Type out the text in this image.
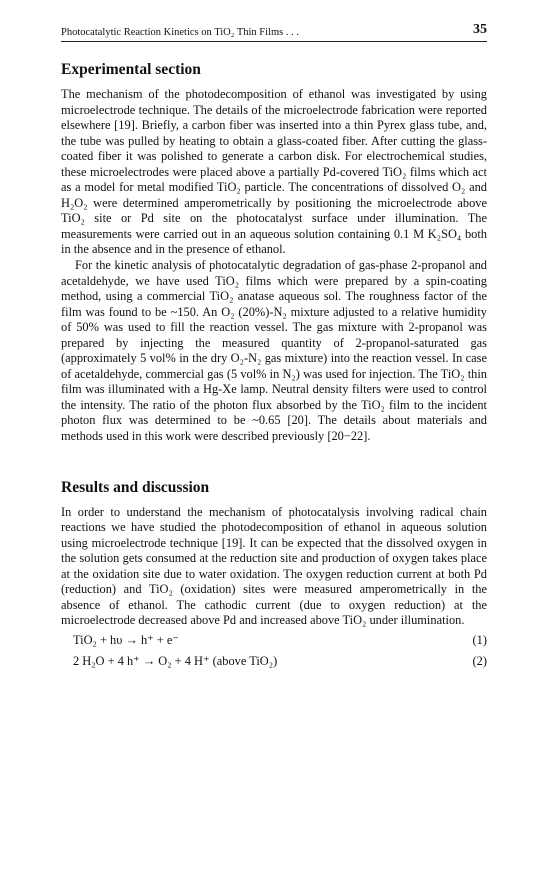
Photocatalytic Reaction Kinetics on TiO₂ Thin Films . . .	35
Experimental section

The mechanism of the photodecomposition of ethanol was investigated by using microelectrode technique. The details of the microelectrode fabrication were reported elsewhere [19]. Briefly, a carbon fiber was inserted into a thin Pyrex glass tube, and, the tube was pulled by heating to obtain a glass-coated fiber. After cutting the glass-coated fiber it was polished to generate a carbon disk. For electrochemical studies, these microelectrodes were placed above a partially Pd-covered TiO₂ films which act as a model for metal modified TiO₂ particle. The concentrations of dissolved O₂ and H₂O₂ were determined amperometrically by positioning the microelectrode above TiO₂ site or Pd site on the photocatalyst surface under illumination. The measurements were carried out in an aqueous solution containing 0.1 M K₂SO₄ both in the absence and in the presence of ethanol.

For the kinetic analysis of photocatalytic degradation of gas-phase 2-propanol and acetaldehyde, we have used TiO₂ films which were prepared by a spin-coating method, using a commercial TiO₂ anatase aqueous sol. The roughness factor of the film was found to be ~150. An O₂ (20%)-N₂ mixture adjusted to a relative humidity of 50% was used to fill the reaction vessel. The gas mixture with 2-propanol was prepared by injecting the measured quantity of 2-propanol-saturated gas (approximately 5 vol% in the dry O₂-N₂ gas mixture) into the reaction vessel. In case of acetaldehyde, commercial gas (5 vol% in N₂) was used for injection. The TiO₂ thin film was illuminated with a Hg-Xe lamp. Neutral density filters were used to control the intensity. The ratio of the photon flux absorbed by the TiO₂ film to the incident photon flux was determined to be ~0.65 [20]. The details about materials and methods used in this work were described previously [20−22].

Results and discussion

In order to understand the mechanism of photocatalysis involving radical chain reactions we have studied the photodecomposition of ethanol in aqueous solution using microelectrode technique [19]. It can be expected that the dissolved oxygen in the solution gets consumed at the reduction site and production of oxygen takes place at the oxidation site due to water oxidation. The oxygen reduction current at both Pd (reduction) and TiO₂ (oxidation) sites were measured amperometrically in the absence of ethanol. The cathodic current (due to oxygen reduction) at the microelectrode decreased above Pd and increased above TiO₂ under illumination.

TiO₂ + hυ → h⁺ + e⁻	(1)
2 H₂O + 4 h⁺ → O₂ + 4 H⁺ (above TiO₂)	(2)
